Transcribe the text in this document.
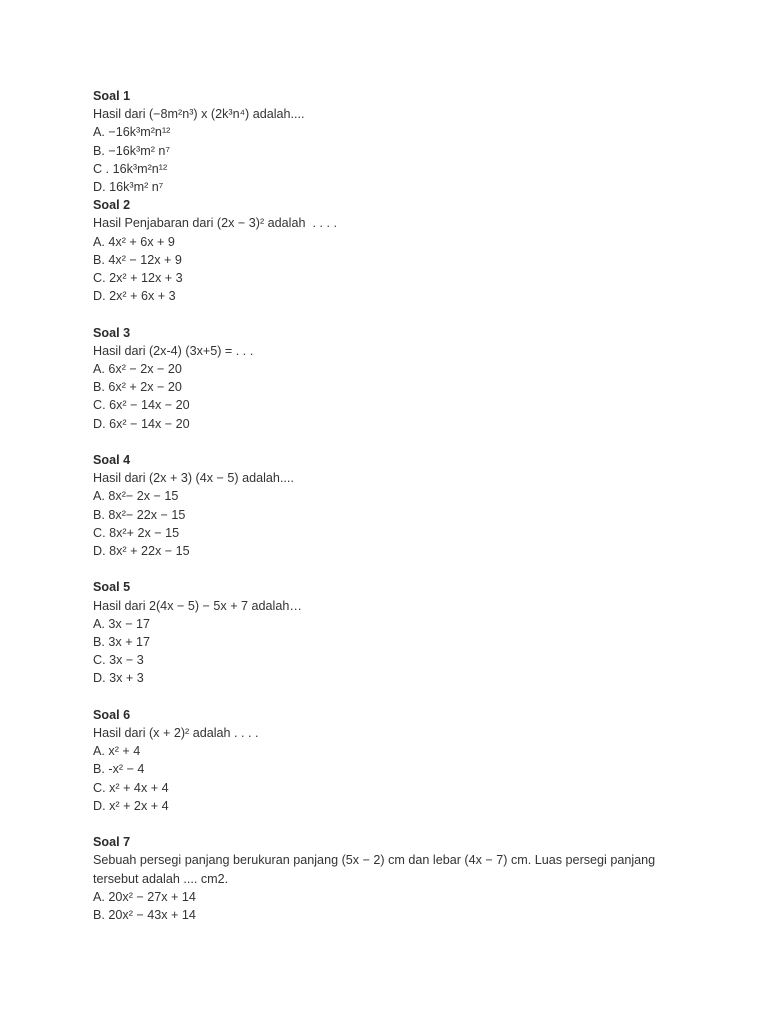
Soal 1
Hasil dari (−8m²n³) x (2k³n⁴) adalah....
A. −16k³m²n¹²
B. −16k³m² n⁷
C . 16k³m²n¹²
D. 16k³m² n⁷
Soal 2
Hasil Penjabaran dari (2x − 3)² adalah  . . . .
A. 4x² + 6x + 9
B. 4x² − 12x + 9
C. 2x² + 12x + 3
D. 2x² + 6x + 3
Soal 3
Hasil dari (2x-4) (3x+5) = . . .
A. 6x² − 2x − 20
B. 6x² + 2x − 20
C. 6x² − 14x − 20
D. 6x² − 14x − 20
Soal 4
Hasil dari (2x + 3) (4x − 5) adalah....
A. 8x²− 2x − 15
B. 8x²− 22x − 15
C. 8x²+ 2x − 15
D. 8x² + 22x − 15
Soal 5
Hasil dari 2(4x − 5) − 5x + 7 adalah…
A. 3x − 17
B. 3x + 17
C. 3x − 3
D. 3x + 3
Soal 6
Hasil dari (x + 2)² adalah . . . .
A. x² + 4
B. -x² − 4
C. x² + 4x + 4
D. x² + 2x + 4
Soal 7
Sebuah persegi panjang berukuran panjang (5x − 2) cm dan lebar (4x − 7) cm. Luas persegi panjang tersebut adalah .... cm2.
A. 20x² − 27x + 14
B. 20x² − 43x + 14
